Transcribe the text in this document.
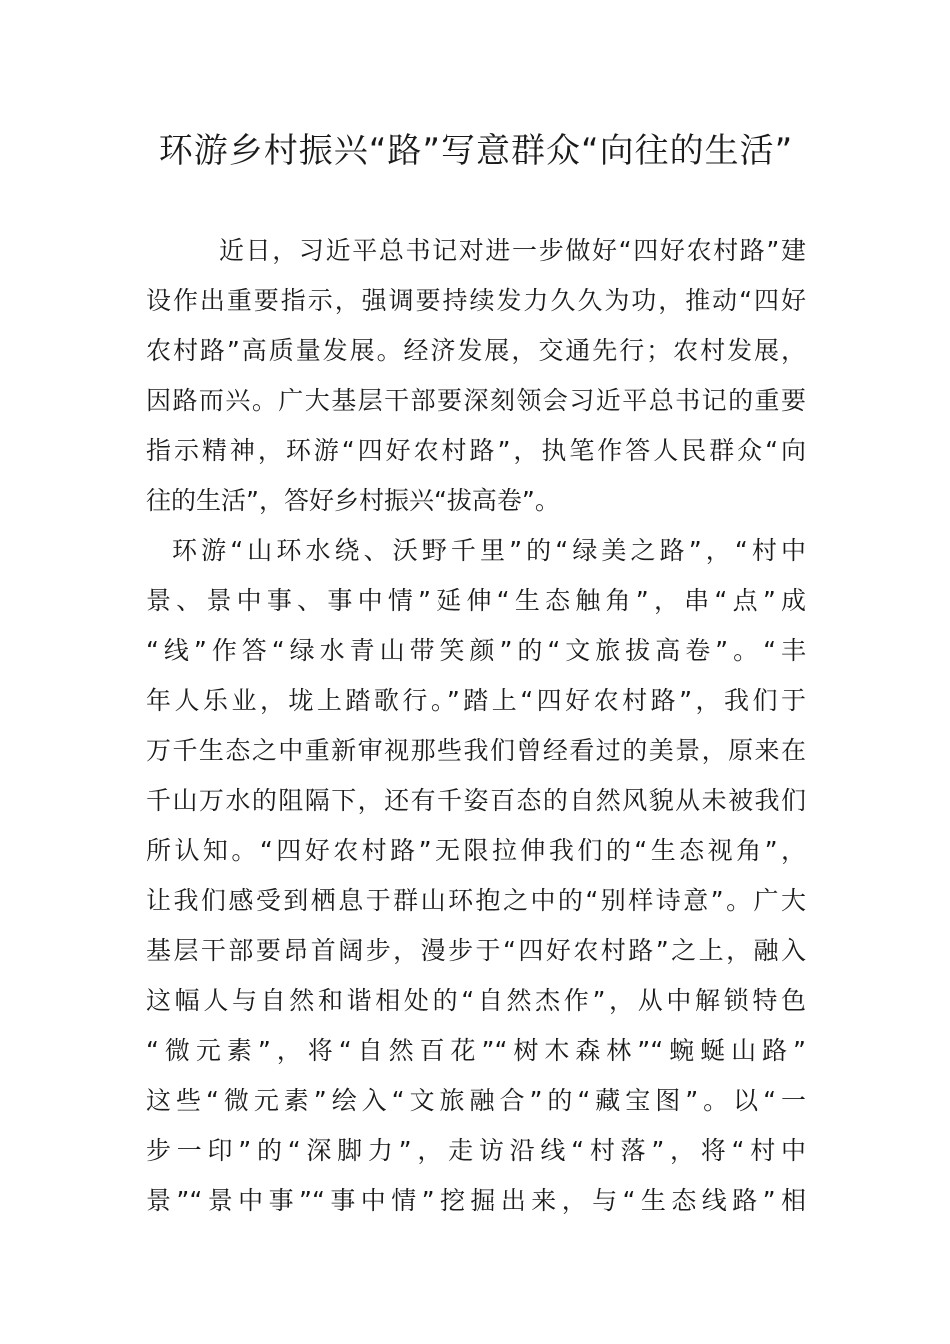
环游乡村振兴“路”写意群众“向往的生活”
近日，习近平总书记对进一步做好“四好农村路”建
设作出重要指示，强调要持续发力久久为功，推动“四好
农村路”高质量发展。经济发展，交通先行；农村发展，
因路而兴。广大基层干部要深刻领会习近平总书记的重要
指示精神，环游“四好农村路”，执笔作答人民群众“向
往的生活”，答好乡村振兴“拔高卷”。
环游“山环水绕、沃野千里”的“绿美之路”，“村中
景、景中事、事中情”延伸“生态触角”，串“点”成
“线”作答“绿水青山带笑颜”的“文旅拔高卷”。“丰
年人乐业，垅上踏歌行。”踏上“四好农村路”，我们于
万千生态之中重新审视那些我们曾经看过的美景，原来在
千山万水的阻隔下，还有千姿百态的自然风貌从未被我们
所认知。“四好农村路”无限拉伸我们的“生态视角”，
让我们感受到栖息于群山环抱之中的“别样诗意”。广大
基层干部要昂首阔步，漫步于“四好农村路”之上，融入
这幅人与自然和谐相处的“自然杰作”，从中解锁特色
“微元素”，将“自然百花”“树木森林”“蜿蜒山路”
这些“微元素”绘入“文旅融合”的“藏宝图”。以“一
步一印”的“深脚力”，走访沿线“村落”，将“村中
景”“景中事”“事中情”挖掘出来，与“生态线路”相
